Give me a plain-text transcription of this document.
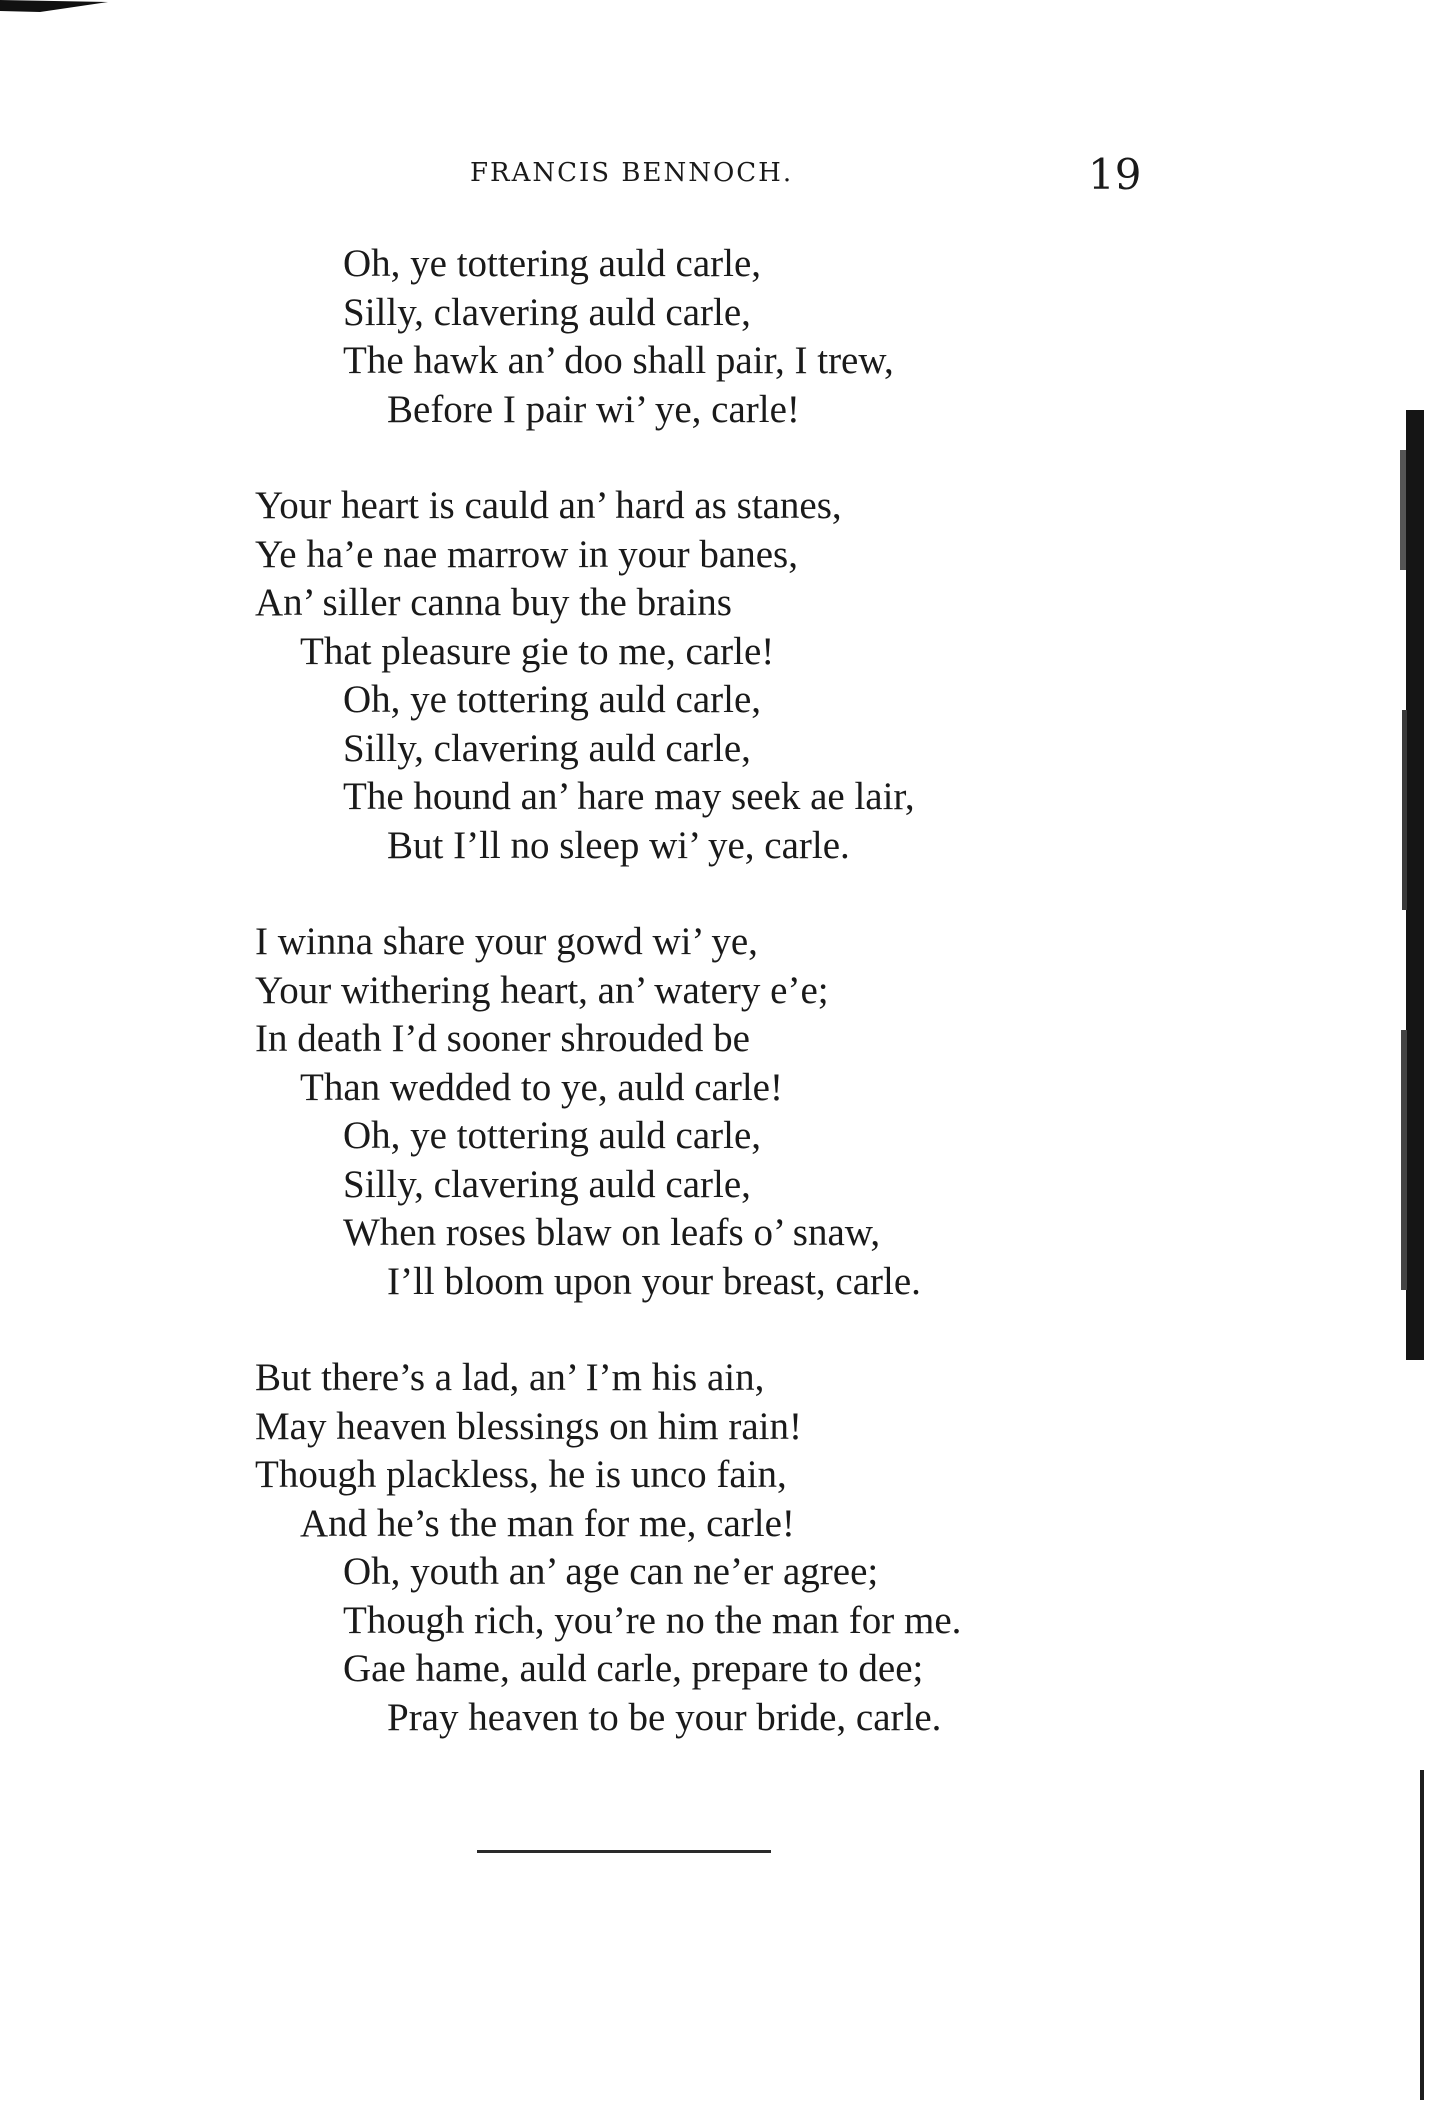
FRANCIS BENNOCH.	19
Oh, ye tottering auld carle,
Silly, clavering auld carle,
The hawk an’ doo shall pair, I trew,
Before I pair wi’ ye, carle!
Your heart is cauld an’ hard as stanes,
Ye ha’e nae marrow in your banes,
An’ siller canna buy the brains
That pleasure gie to me, carle!
Oh, ye tottering auld carle,
Silly, clavering auld carle,
The hound an’ hare may seek ae lair,
But I’ll no sleep wi’ ye, carle.
I winna share your gowd wi’ ye,
Your withering heart, an’ watery e’e;
In death I’d sooner shrouded be
Than wedded to ye, auld carle!
Oh, ye tottering auld carle,
Silly, clavering auld carle,
When roses blaw on leafs o’ snaw,
I’ll bloom upon your breast, carle.
But there’s a lad, an’ I’m his ain,
May heaven blessings on him rain!
Though plackless, he is unco fain,
And he’s the man for me, carle!
Oh, youth an’ age can ne’er agree;
Though rich, you’re no the man for me.
Gae hame, auld carle, prepare to dee;
Pray heaven to be your bride, carle.
